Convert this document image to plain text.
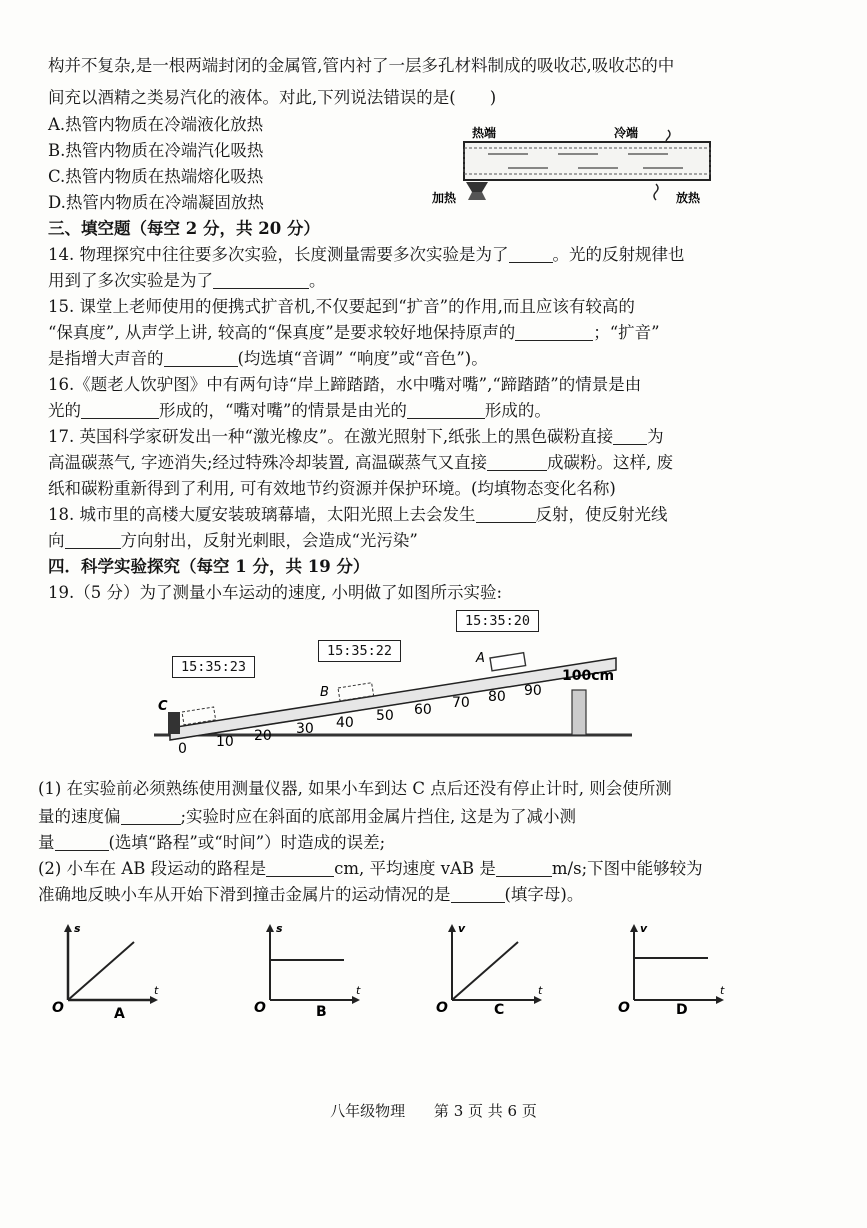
构并不复杂,是一根两端封闭的金属管,管内衬了一层多孔材料制成的吸收芯,吸收芯的中
间充以酒精之类易汽化的液体。对此,下列说法错误的是( )
A.热管内物质在冷端液化放热
B.热管内物质在冷端汽化吸热
C.热管内物质在热端熔化吸热
D.热管内物质在冷端凝固放热
热端	冷端
加热	放热
三、填空题（每空 2 分，共 20 分）
14. 物理探究中往往要多次实验，长度测量需要多次实验是为了	。光的反射规律也
用到了多次实验是为了	。
15. 课堂上老师使用的便携式扩音机,不仅要起到“扩音”的作用,而且应该有较高的
“保真度”, 从声学上讲, 较高的“保真度”是要求较好地保持原声的	；“扩音”
是指增大声音的	(均选填“音调” “响度”或“音色”)。
16.《题老人饮驴图》中有两句诗“岸上蹄踏踏，水中嘴对嘴”,“蹄踏踏”的情景是由
光的	形成的，“嘴对嘴”的情景是由光的	形成的。
17. 英国科学家研发出一种“激光橡皮”。在激光照射下,纸张上的黑色碳粉直接 为
高温碳蒸气, 字迹消失;经过特殊冷却装置, 高温碳蒸气又直接	成碳粉。这样, 废
纸和碳粉重新得到了利用, 可有效地节约资源并保护环境。(均填物态变化名称)
18. 城市里的高楼大厦安装玻璃幕墙，太阳光照上去会发生	反射，使反射光线
向	方向射出，反射光刺眼，会造成“光污染”
四．科学实验探究（每空 1 分，共 19 分）
19.（5 分）为了测量小车运动的速度, 小明做了如图所示实验:
15:35:20
15:35:22
15:35:23
0 10 20 30 40 50 60 70 80 90
100cm
A
B
C
(1) 在实验前必须熟练使用测量仪器, 如果小车到达 C 点后还没有停止计时, 则会使所测
量的速度偏	;实验时应在斜面的底部用金属片挡住, 这是为了减小测
量	(选填“路程”或“时间”）时造成的误差;
(2) 小车在 AB 段运动的路程是	cm, 平均速度 vAB 是	m/s;下图中能够较为
准确地反映小车从开始下滑到撞击金属片的运动情况的是	(填字母)。
s
t
O	A
s
t
O	B
v
t
O	C
v
t
O	D
八年级物理 第 3 页 共 6 页
